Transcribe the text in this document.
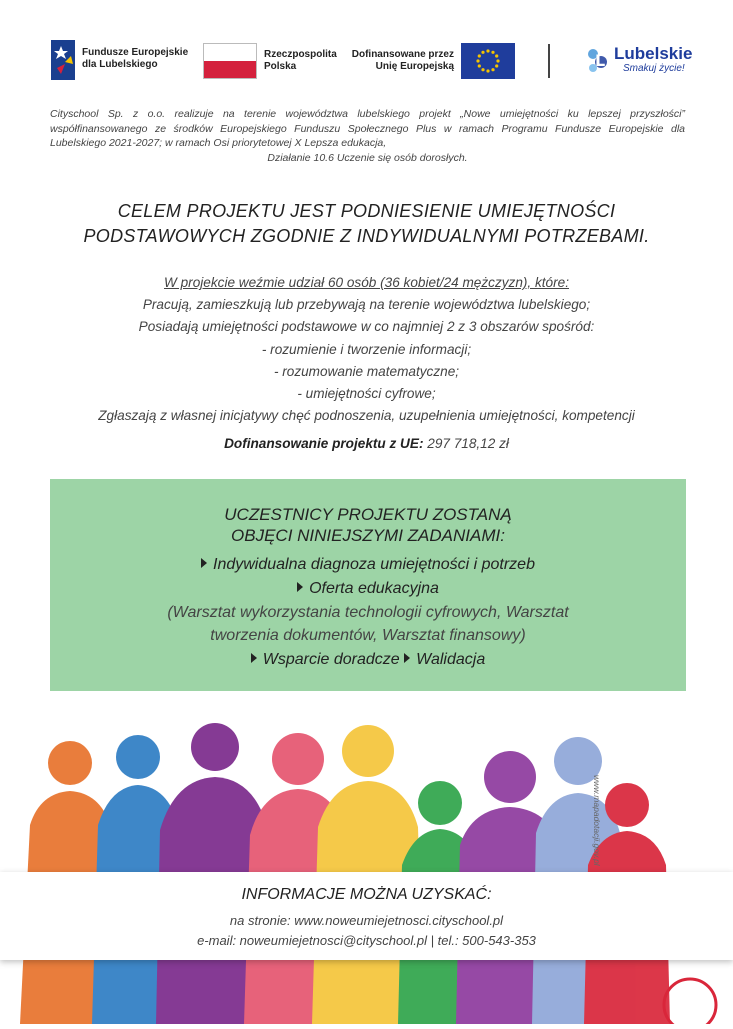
Fundusze Europejskie dla Lubelskiego
Rzeczpospolita Polska
Dofinansowane przez Unię Europejską	L Lubelskie
Smakuj życie!
Cityschool Sp. z o.o. realizuje na terenie województwa lubelskiego projekt „Nowe umiejętności ku lepszej przyszłości” współfinansowanego ze środków Europejskiego Funduszu Społecznego Plus w ramach Programu Fundusze Europejskie dla Lubelskiego 2021-2027; w ramach Osi priorytetowej X Lepsza edukacja,
Działanie 10.6 Uczenie się osób dorosłych.
CELEM PROJEKTU JEST PODNIESIENIE UMIEJĘTNOŚCI
PODSTAWOWYCH ZGODNIE Z INDYWIDUALNYMI POTRZEBAMI.
W projekcie weźmie udział 60 osób (36 kobiet/24 mężczyzn), które:
Pracują, zamieszkują lub przebywają na terenie województwa lubelskiego;
Posiadają umiejętności podstawowe w co najmniej 2 z 3 obszarów spośród:
- rozumienie i tworzenie informacji;
- rozumowanie matematyczne;
- umiejętności cyfrowe;
Zgłaszają z własnej inicjatywy chęć podnoszenia, uzupełnienia umiejętności, kompetencji
Dofinansowanie projektu z UE: 297 718,12 zł
UCZESTNICY PROJEKTU ZOSTANĄ
OBJĘCI NINIEJSZYMI ZADANIAMI:
Indywidualna diagnoza umiejętności i potrzeb
Oferta edukacyjna
(Warsztat wykorzystania technologii cyfrowych, Warsztat
tworzenia dokumentów, Warsztat finansowy)
Wsparcie doradcze Walidacja
www.mapadotacji.gov.pl
INFORMACJE MOŻNA UZYSKAĆ:
na stronie: www.noweumiejetnosci.cityschool.pl
e-mail: noweumiejetnosci@cityschool.pl | tel.: 500-543-353
